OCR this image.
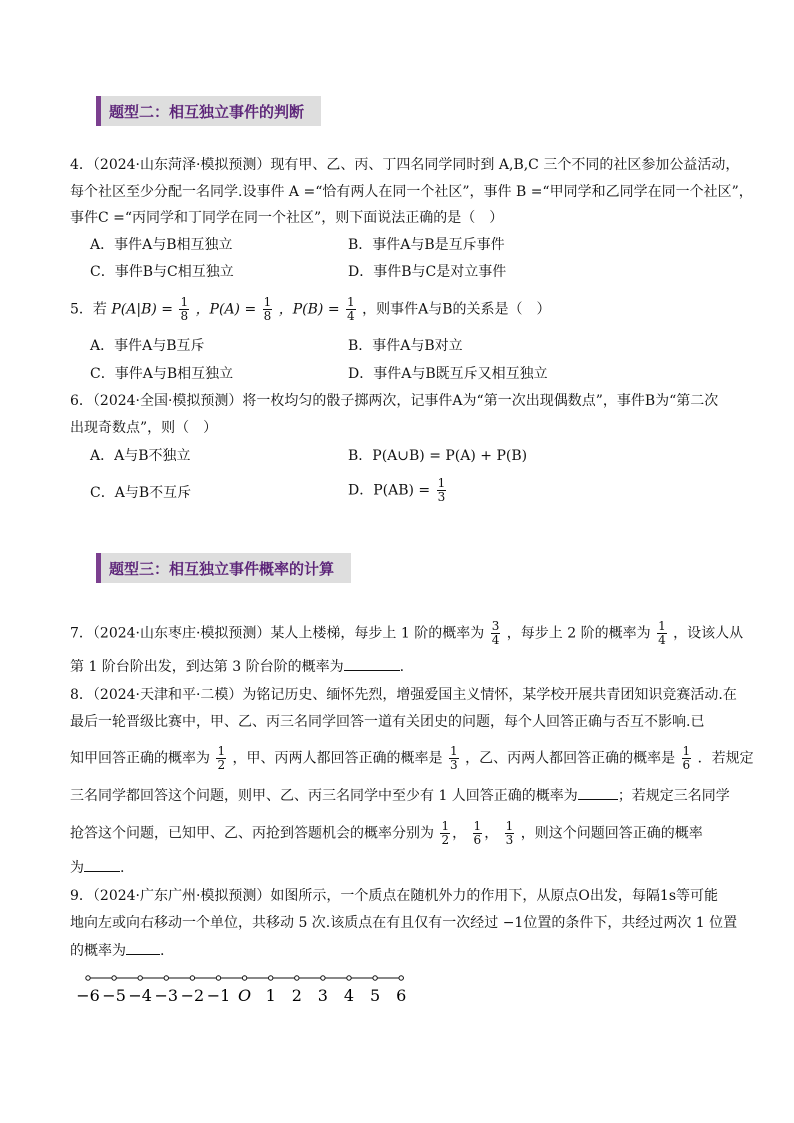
题型二：相互独立事件的判断
4．（2024·山东菏泽·模拟预测）现有甲、乙、丙、丁四名同学同时到 A,B,C 三个不同的社区参加公益活动，
每个社区至少分配一名同学.设事件 A =“恰有两人在同一个社区”，事件 B =“甲同学和乙同学在同一个社区”，
事件C =“丙同学和丁同学在同一个社区”，则下面说法正确的是（　）
A．事件A与B相互独立	B．事件A与B是互斥事件
C．事件B与C相互独立	D．事件B与C是对立事件
5．若 $P(A|B) = \frac{1}{8}$ ，$P(A) = \frac{1}{8}$ ，$P(B) = \frac{1}{4}$ ，则事件A与B的关系是（　）
A．事件A与B互斥	B．事件A与B对立
C．事件A与B相互独立	D．事件A与B既互斥又相互独立
6．（2024·全国·模拟预测）将一枚均匀的骰子掷两次，记事件A为“第一次出现偶数点”，事件B为“第二次
出现奇数点”，则（　）
A．A与B不独立	B．P(A∪B) = P(A) + P(B)
C．A与B不互斥	D．$P(AB) = \frac{1}{3}$
题型三：相互独立事件概率的计算
7．（2024·山东枣庄·模拟预测）某人上楼梯，每步上 1 阶的概率为 $\frac{3}{4}$ ，每步上 2 阶的概率为 $\frac{1}{4}$ ，设该人从
第 1 阶台阶出发，到达第 3 阶台阶的概率为	.
8．（2024·天津和平·二模）为铭记历史、缅怀先烈，增强爱国主义情怀，某学校开展共青团知识竞赛活动.在
最后一轮晋级比赛中，甲、乙、丙三名同学回答一道有关团史的问题，每个人回答正确与否互不影响.已
知甲回答正确的概率为 $\frac{1}{2}$ ，甲、丙两人都回答正确的概率是 $\frac{1}{3}$ ，乙、丙两人都回答正确的概率是 $\frac{1}{6}$ ．若规定
三名同学都回答这个问题，则甲、乙、丙三名同学中至少有 1 人回答正确的概率为	；若规定三名同学
抢答这个问题，已知甲、乙、丙抢到答题机会的概率分别为 $\frac{1}{2}$ ， $\frac{1}{6}$ ， $\frac{1}{3}$ ，则这个问题回答正确的概率
为	.
9．（2024·广东广州·模拟预测）如图所示，一个质点在随机外力的作用下，从原点O出发，每隔1s等可能
地向左或向右移动一个单位，共移动 5 次.该质点在有且仅有一次经过 −1位置的条件下，共经过两次 1 位置
的概率为 .
−6 −5 −4 −3 −2 −1 O 1 2 3 4 5 6
